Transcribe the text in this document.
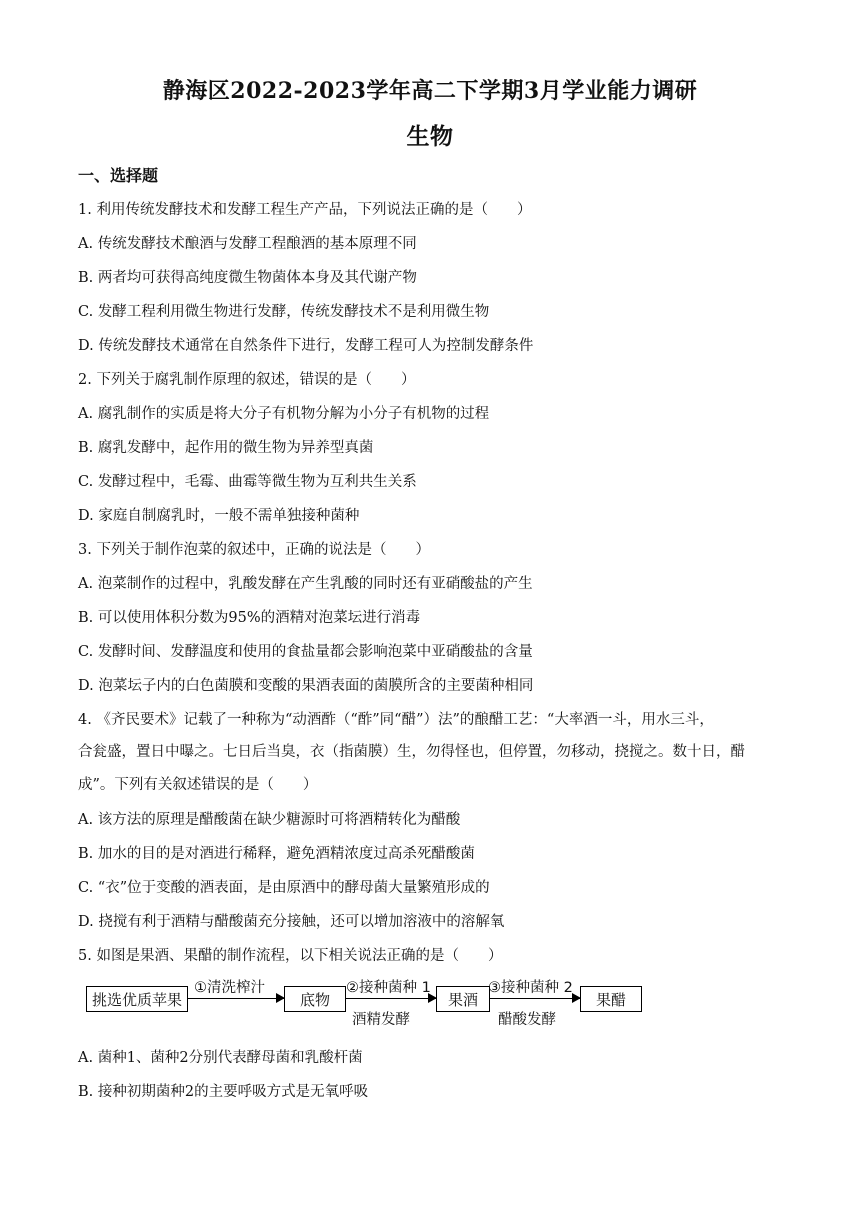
静海区2022-2023学年高二下学期3月学业能力调研
生物
一、选择题
1. 利用传统发酵技术和发酵工程生产产品，下列说法正确的是（　　）
A. 传统发酵技术酿酒与发酵工程酿酒的基本原理不同
B. 两者均可获得高纯度微生物菌体本身及其代谢产物
C. 发酵工程利用微生物进行发酵，传统发酵技术不是利用微生物
D. 传统发酵技术通常在自然条件下进行，发酵工程可人为控制发酵条件
2. 下列关于腐乳制作原理的叙述，错误的是（　　）
A. 腐乳制作的实质是将大分子有机物分解为小分子有机物的过程
B. 腐乳发酵中，起作用的微生物为异养型真菌
C. 发酵过程中，毛霉、曲霉等微生物为互利共生关系
D. 家庭自制腐乳时，一般不需单独接种菌种
3. 下列关于制作泡菜的叙述中，正确的说法是（　　）
A. 泡菜制作的过程中，乳酸发酵在产生乳酸的同时还有亚硝酸盐的产生
B. 可以使用体积分数为95%的酒精对泡菜坛进行消毒
C. 发酵时间、发酵温度和使用的食盐量都会影响泡菜中亚硝酸盐的含量
D. 泡菜坛子内的白色菌膜和变酸的果酒表面的菌膜所含的主要菌种相同
4. 《齐民要术》记载了一种称为“动酒酢（“酢”同“醋”）法”的酿醋工艺：“大率酒一斗，用水三斗，
合瓮盛，置日中曝之。七日后当臭，衣（指菌膜）生，勿得怪也，但停置，勿移动，挠搅之。数十日，醋
成”。下列有关叙述错误的是（　　）
A. 该方法的原理是醋酸菌在缺少糖源时可将酒精转化为醋酸
B. 加水的目的是对酒进行稀释，避免酒精浓度过高杀死醋酸菌
C. “衣”位于变酸的酒表面，是由原酒中的酵母菌大量繁殖形成的
D. 挠搅有利于酒精与醋酸菌充分接触，还可以增加溶液中的溶解氧
5. 如图是果酒、果醋的制作流程，以下相关说法正确的是（　　）
挑选优质苹果
①清洗榨汁
底物
②接种菌种 1
酒精发酵
果酒
③接种菌种 2
醋酸发酵
果醋
A. 菌种1、菌种2分别代表酵母菌和乳酸杆菌
B. 接种初期菌种2的主要呼吸方式是无氧呼吸
